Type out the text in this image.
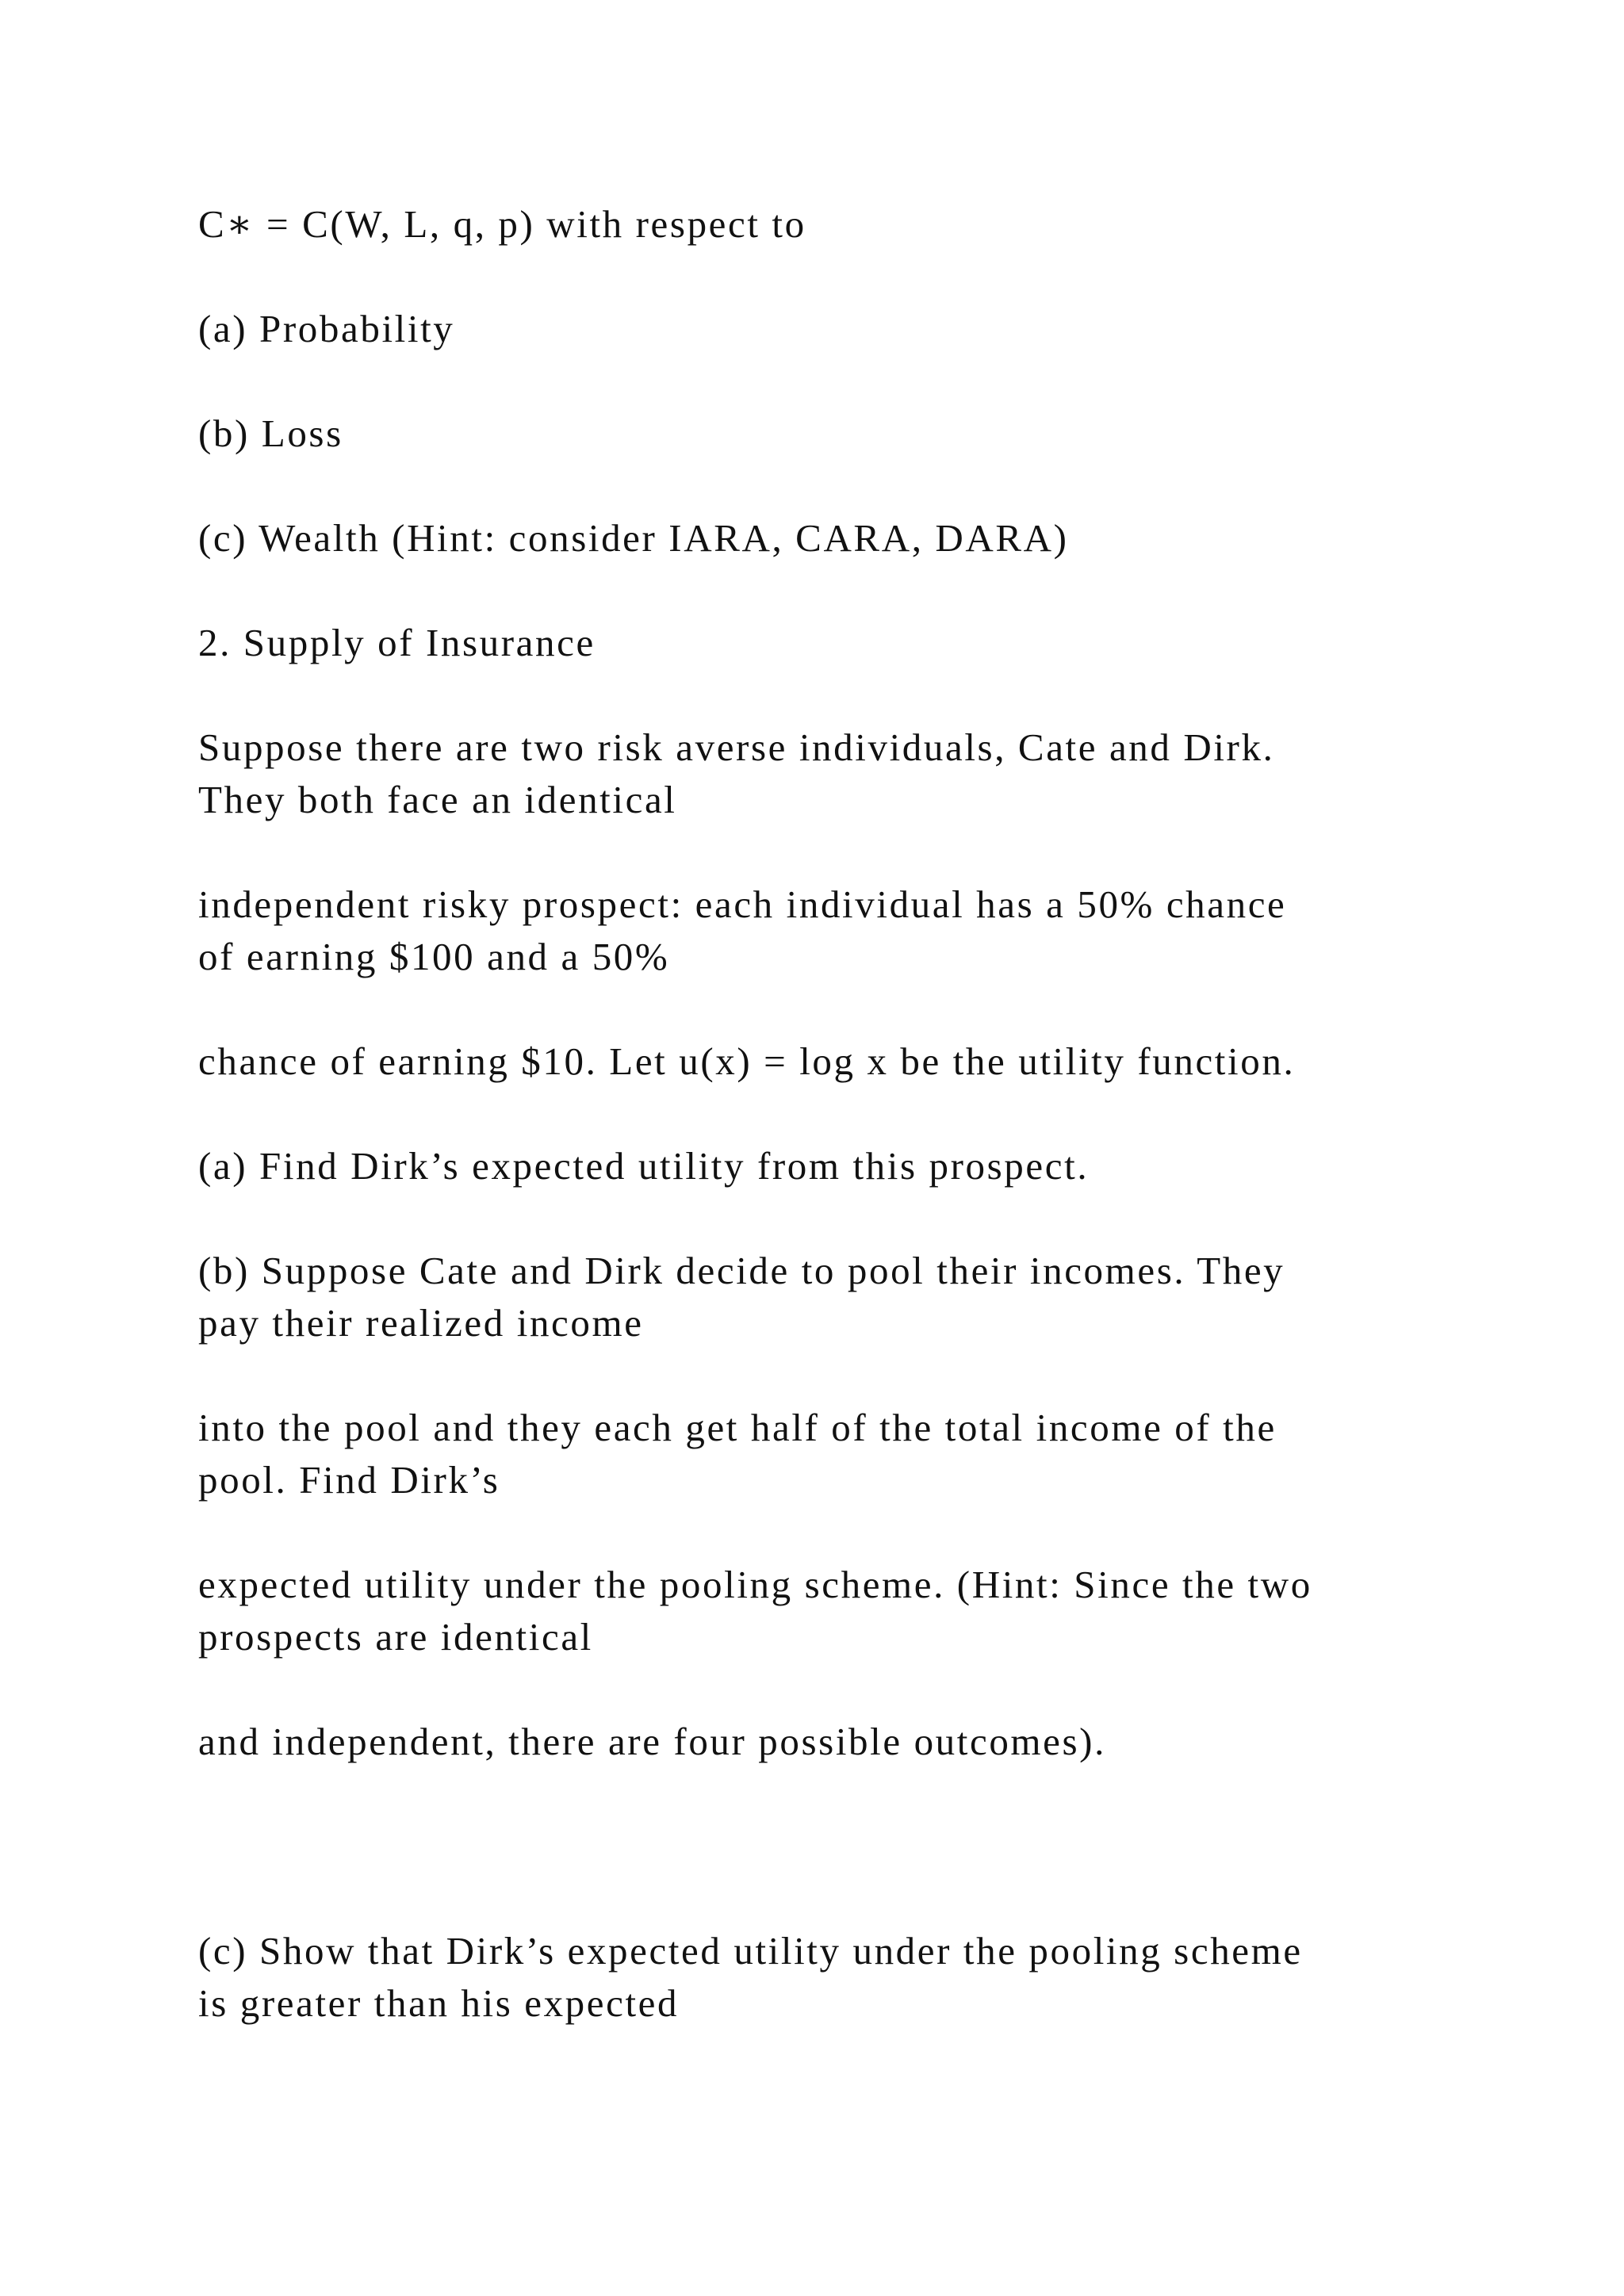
C∗ = C(W, L, q, p) with respect to

(a) Probability

(b) Loss

(c) Wealth (Hint: consider IARA, CARA, DARA)

2. Supply of Insurance

Suppose there are two risk averse individuals, Cate and Dirk.
They both face an identical

independent risky prospect: each individual has a 50% chance
of earning $100 and a 50%

chance of earning $10. Let u(x) = log x be the utility function.

(a) Find Dirk’s expected utility from this prospect.

(b) Suppose Cate and Dirk decide to pool their incomes. They
pay their realized income

into the pool and they each get half of the total income of the
pool. Find Dirk’s

expected utility under the pooling scheme. (Hint: Since the two
prospects are identical

and independent, there are four possible outcomes).

(c) Show that Dirk’s expected utility under the pooling scheme
is greater than his expected
